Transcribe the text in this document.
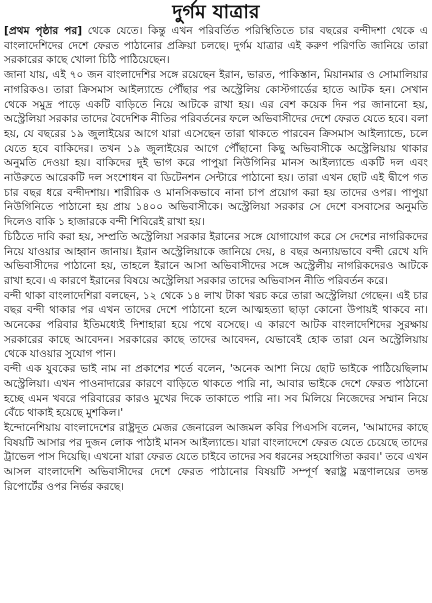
দুর্গম যাত্রার

[প্রথম পৃষ্ঠার পর] থেকে যেতে। কিন্তু এখন পরিবর্তিত পরিস্থিতিতে চার বছরের বন্দীদশা থেকে এ বাংলাদেশিদের দেশে ফেরত পাঠানোর প্রক্রিয়া চলছে। দুর্গম যাত্রার এই করুণ পরিণতি জানিয়ে তারা সরকারের কাছে খোলা চিঠি পাঠিয়েছেন।

জানা যায়, এই ৭০ জন বাংলাদেশির সঙ্গে রয়েছেন ইরান, ভারত, পাকিস্তান, মিয়ানমার ও সোমালিয়ার নাগরিকও। তারা ক্রিসমাস আইল্যান্ডে পৌঁছার পর অস্ট্রেলিয় কোস্টগার্ডের হাতে আটক হন। সেখান থেকে সমুদ্র পাড়ে একটি বাড়িতে নিয়ে আটকে রাখা হয়। এর বেশ কয়েক দিন পর জানানো হয়, অস্ট্রেলিয়া সরকার তাদের বৈদেশিক নীতির পরিবর্তনের ফলে অভিবাসীদের দেশে ফেরত যেতে হবে। বলা হয়, যে বছরের ১৯ জুলাইয়ের আগে যারা এসেছেন তারা থাকতে পারবেন ক্রিসমাস আইল্যান্ডে, চলে যেতে হবে বাকিদের। তখন ১৯ জুলাইয়ের আগে পৌঁছানো কিছু অভিবাসীকে অস্ট্রেলিয়ায় থাকার অনুমতি দেওয়া হয়। বাকিদের দুই ভাগ করে পাপুয়া নিউগিনির মানস আইল্যান্ডে একটি দল এবং নাউরুতে আরেকটি দল সংশোধন বা ডিটেনশন সেন্টারে পাঠানো হয়। তারা এখন ছোট এই দ্বীপে গত চার বছর ধরে বন্দীদশায়। শারীরিক ও মানসিকভাবে নানা চাপ প্রয়োগ করা হয় তাদের ওপর। পাপুয়া নিউগিনিতে পাঠানো হয় প্রায় ১৪০০ অভিবাসীকে। অস্ট্রেলিয়া সরকার সে দেশে বসবাসের অনুমতি দিলেও বাকি ১ হাজারকে বন্দী শিবিরেই রাখা হয়।

চিঠিতে দাবি করা হয়, সম্প্রতি অস্ট্রেলিয়া সরকার ইরানের সঙ্গে যোগাযোগ করে সে দেশের নাগরিকদের নিয়ে যাওয়ার আহ্বান জানায়। ইরান অস্ট্রেলিয়াকে জানিয়ে দেয়, ৪ বছর অন্যায়ভাবে বন্দী রেখে যদি অভিবাসীদের পাঠানো হয়, তাহলে ইরানে আসা অভিবাসীদের সঙ্গে অস্ট্রেলীয় নাগরিকদেরও আটকে রাখা হবে। এ কারণে ইরানের বিষয়ে অস্ট্রেলিয়া সরকার তাদের অভিবাসন নীতি পরিবর্তন করে।

বন্দী থাকা বাংলাদেশিরা বলছেন, ১২ থেকে ১৪ লাখ টাকা খরচ করে তারা অস্ট্রেলিয়া গেছেন। এই চার বছর বন্দী থাকার পর এখন তাদের দেশে পাঠানো হলে আত্মহত্যা ছাড়া কোনো উপায়ই থাকবে না। অনেকের পরিবার ইতিমধ্যেই দিশাহারা হয়ে পথে বসেছে। এ কারণে আটক বাংলাদেশিদের সুরক্ষায় সরকারের কাছে আবেদন। সরকারের কাছে তাদের আবেদন, যেভাবেই হোক তারা যেন অস্ট্রেলিয়ায় থেকে যাওয়ার সুযোগ পান।

বন্দী এক যুবকের ভাই নাম না প্রকাশের শর্তে বলেন, 'অনেক আশা নিয়ে ছোট ভাইকে পাঠিয়েছিলাম অস্ট্রেলিয়া। এখন পাওনাদারের কারণে বাড়িতে থাকতে পারি না, আবার ভাইকে দেশে ফেরত পাঠানো হচ্ছে এমন খবরে পরিবারের কারও মুখের দিকে তাকাতে পারি না। সব মিলিয়ে নিজেদের সম্মান নিয়ে বেঁচে থাকাই হয়েছে মুশকিল।'

ইন্দোনেশিয়ায় বাংলাদেশের রাষ্ট্রদূত মেজর জেনারেল আজমল কবির পিএসসি বলেন, 'আমাদের কাছে বিষয়টি আসার পর দুজন লোক পাঠাই মানস আইল্যান্ডে। যারা বাংলাদেশে ফেরত যেতে চেয়েছে তাদের ট্রাভেল পাস দিয়েছি। এখনো যারা ফেরত যেতে চাইবে তাদের সব ধরনের সহযোগিতা করব।' তবে এখন আসল বাংলাদেশি অভিবাসীদের দেশে ফেরত পাঠানোর বিষয়টি সম্পূর্ণ স্বরাষ্ট্র মন্ত্রণালয়ের তদন্ত রিপোর্টের ওপর নির্ভর করছে।
